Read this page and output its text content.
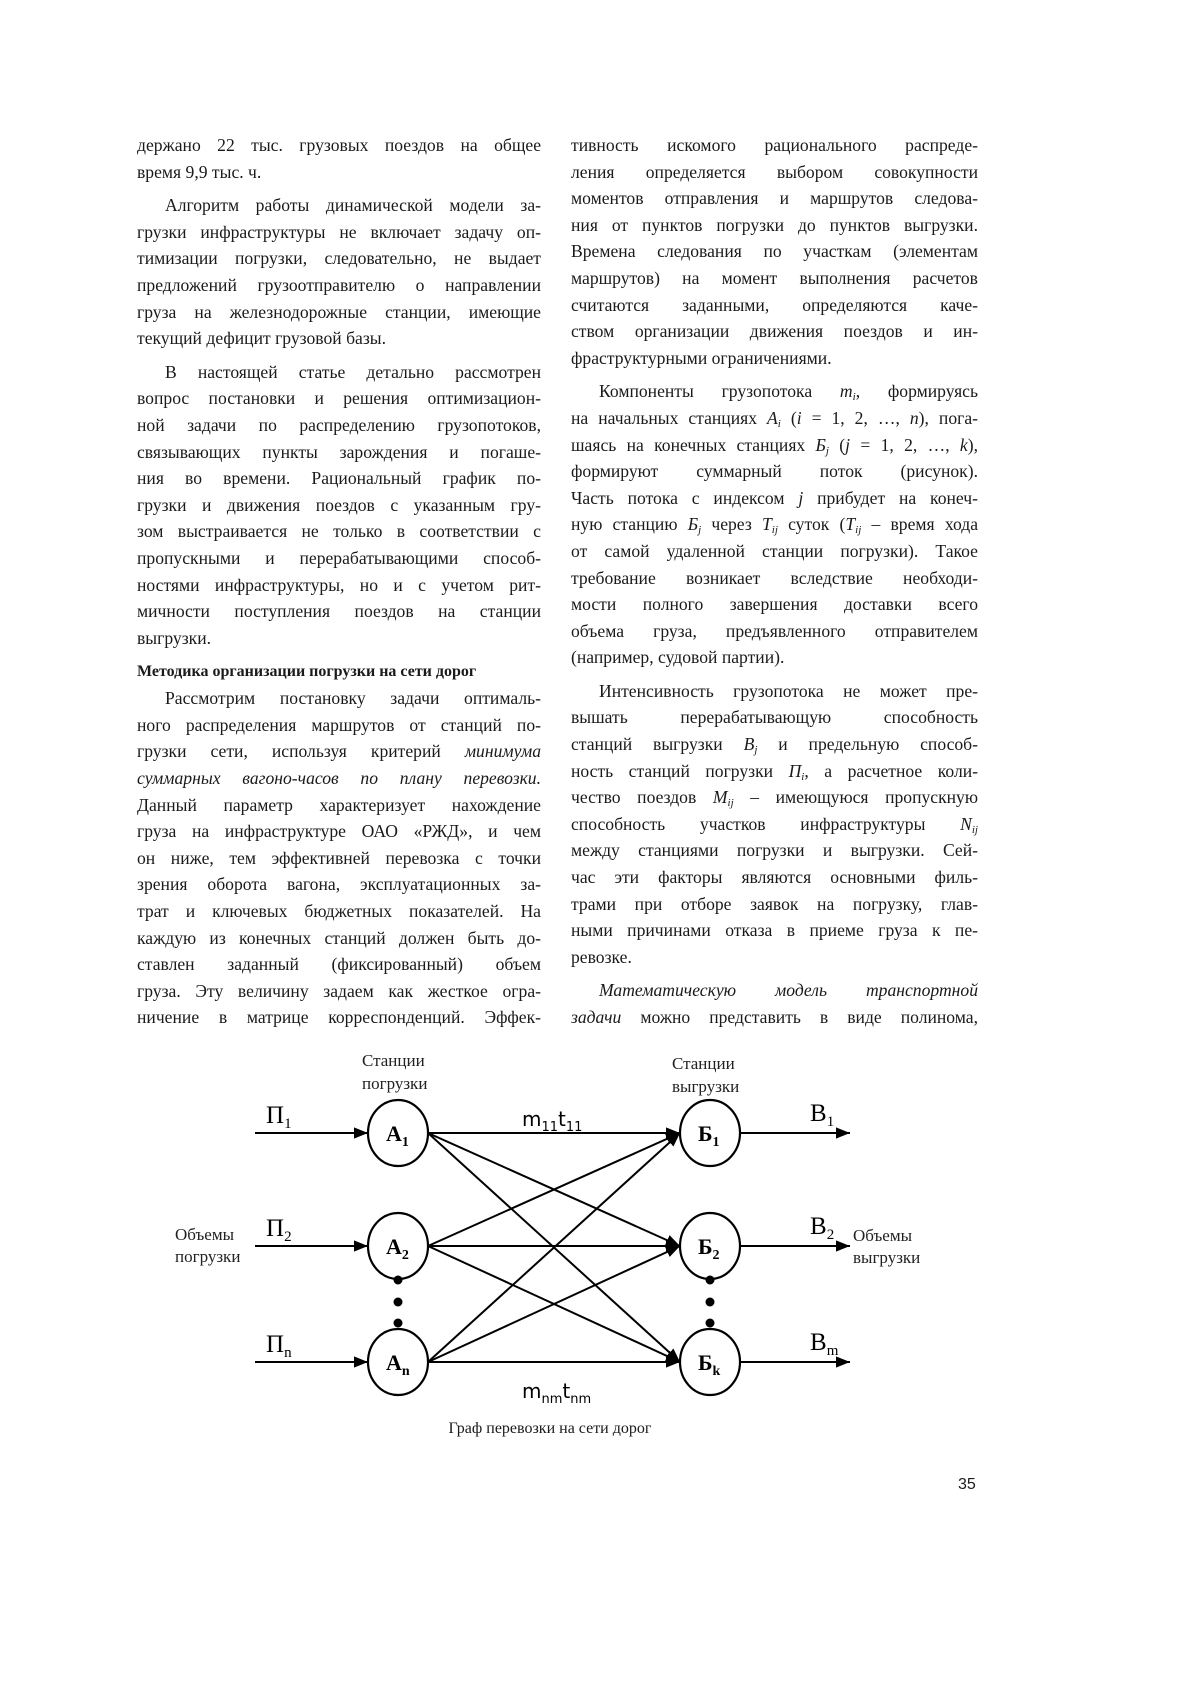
держано 22 тыс. грузовых поездов на общее
время 9,9 тыс. ч.
Алгоритм работы динамической модели за-
грузки инфраструктуры не включает задачу оп-
тимизации погрузки, следовательно, не выдает
предложений грузоотправителю о направлении
груза на железнодорожные станции, имеющие
текущий дефицит грузовой базы.
В настоящей статье детально рассмотрен
вопрос постановки и решения оптимизацион-
ной задачи по распределению грузопотоков,
связывающих пункты зарождения и погаше-
ния во времени. Рациональный график по-
грузки и движения поездов с указанным гру-
зом выстраивается не только в соответствии с
пропускными и перерабатывающими способ-
ностями инфраструктуры, но и с учетом рит-
мичности поступления поездов на станции
выгрузки.
Методика организации погрузки на сети дорог
Рассмотрим постановку задачи оптималь-
ного распределения маршрутов от станций по-
грузки сети, используя критерий минимума
суммарных вагоно-часов по плану перевозки.
Данный параметр характеризует нахождение
груза на инфраструктуре ОАО «РЖД», и чем
он ниже, тем эффективней перевозка с точки
зрения оборота вагона, эксплуатационных за-
трат и ключевых бюджетных показателей. На
каждую из конечных станций должен быть до-
ставлен заданный (фиксированный) объем
груза. Эту величину задаем как жесткое огра-
ничение в матрице корреспонденций. Эффек-
тивность искомого рационального распреде-
ления определяется выбором совокупности
моментов отправления и маршрутов следова-
ния от пунктов погрузки до пунктов выгрузки.
Времена следования по участкам (элементам
маршрутов) на момент выполнения расчетов
считаются заданными, определяются каче-
ством организации движения поездов и ин-
фраструктурными ограничениями.
Компоненты грузопотока mi, формируясь
на начальных станциях Ai (i = 1, 2, …, n), пога-
шаясь на конечных станциях Бj (j = 1, 2, …, k),
формируют суммарный поток (рисунок).
Часть потока с индексом j прибудет на конеч-
ную станцию Бj через Tij суток (Tij – время хода
от самой удаленной станции погрузки). Такое
требование возникает вследствие необходи-
мости полного завершения доставки всего
объема груза, предъявленного отправителем
(например, судовой партии).
Интенсивность грузопотока не может пре-
вышать перерабатывающую способность
станций выгрузки Bj и предельную способ-
ность станций погрузки Пi, а расчетное коли-
чество поездов Mij – имеющуюся пропускную
способность участков инфраструктуры Nij
между станциями погрузки и выгрузки. Сей-
час эти факторы являются основными филь-
трами при отборе заявок на погрузку, глав-
ными причинами отказа в приеме груза к пе-
ревозке.
Математическую модель транспортной
задачи можно представить в виде полинома,
Станции
погрузки
Станции
выгрузки
Объемы
погрузки
Объемы
выгрузки
m11t11
mnmtnm
А1
П1
А2
П2
Аn
Пn
Б1
В1
Б2
В2
Бk
Вm
Граф перевозки на сети дорог
35
